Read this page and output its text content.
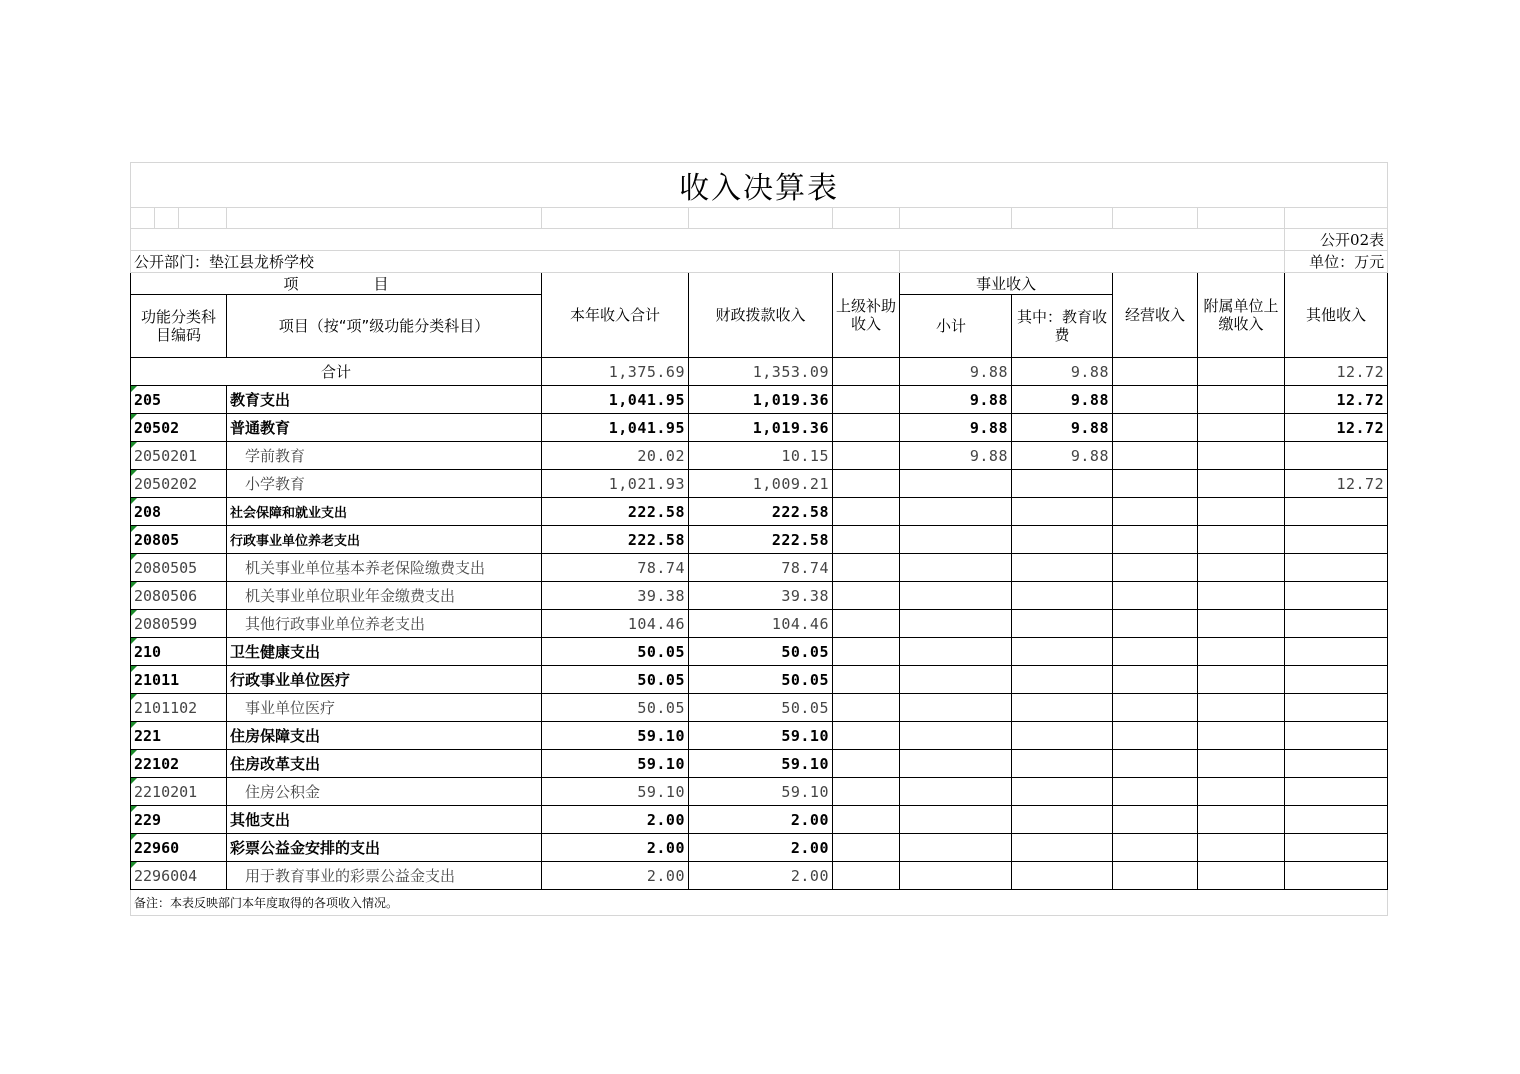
收入决算表											

											公开02表
公开部门：垫江县龙桥学校											单位：万元
项　　　　　目				本年收入合计	财政拨款收入	上级补助收入	事业收入		经营收入	附属单位上缴收入	其他收入
功能分类科目编码			项目（按“项”级功能分类科目）				小计	其中：教育收费			
合计				1,375.69	1,353.09		9.88	9.88			12.72
205			教育支出	1,041.95	1,019.36		9.88	9.88			12.72
20502			普通教育	1,041.95	1,019.36		9.88	9.88			12.72
2050201			学前教育	20.02	10.15		9.88	9.88			
2050202			小学教育	1,021.93	1,009.21						12.72
208			社会保障和就业支出	222.58	222.58						
20805			行政事业单位养老支出	222.58	222.58						
2080505			机关事业单位基本养老保险缴费支出	78.74	78.74						
2080506			机关事业单位职业年金缴费支出	39.38	39.38						
2080599			其他行政事业单位养老支出	104.46	104.46						
210			卫生健康支出	50.05	50.05						
21011			行政事业单位医疗	50.05	50.05						
2101102			事业单位医疗	50.05	50.05						
221			住房保障支出	59.10	59.10						
22102			住房改革支出	59.10	59.10						
2210201			住房公积金	59.10	59.10						
229			其他支出	2.00	2.00						
22960			彩票公益金安排的支出	2.00	2.00						
2296004			用于教育事业的彩票公益金支出	2.00	2.00						
备注：本表反映部门本年度取得的各项收入情况。											
